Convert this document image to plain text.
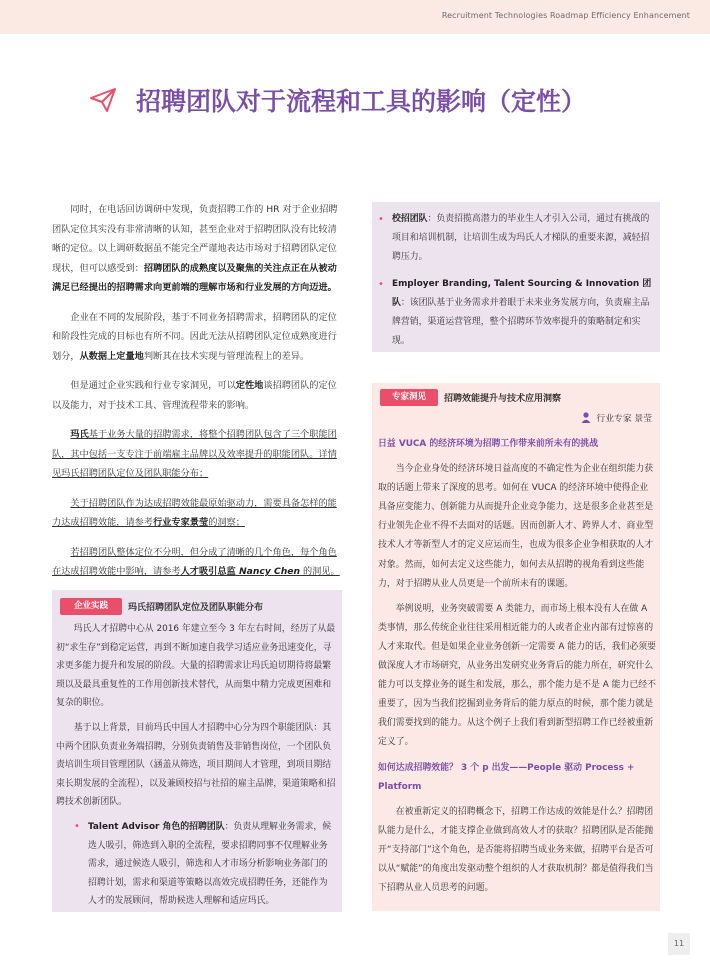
Recruitment Technologies Roadmap Efficiency Enhancement
招聘团队对于流程和工具的影响（定性）

同时，在电话回访调研中发现，负责招聘工作的 HR 对于企业招聘团队定位其实没有非常清晰的认知，甚至企业对于招聘团队没有比较清晰的定位。以上调研数据虽不能完全严谨地表达市场对于招聘团队定位现状，但可以感受到：招聘团队的成熟度以及聚焦的关注点正在从被动满足已经提出的招聘需求向更前端的理解市场和行业发展的方向迈进。

企业在不同的发展阶段，基于不同业务招聘需求，招聘团队的定位和阶段性完成的目标也有所不同。因此无法从招聘团队定位成熟度进行划分，从数据上定量地判断其在技术实现与管理流程上的差异。

但是通过企业实践和行业专家洞见，可以定性地谈招聘团队的定位以及能力，对于技术工具、管理流程带来的影响。

玛氏基于业务大量的招聘需求，将整个招聘团队包含了三个职能团队，其中包括一支专注于前端雇主品牌以及效率提升的职能团队。详情见玛氏招聘团队定位及团队职能分布；

关于招聘团队作为达成招聘效能最原始驱动力，需要具备怎样的能力达成招聘效能，请参考行业专家景莹的洞察；

若招聘团队整体定位不分明，但分成了清晰的几个角色，每个角色在达成招聘效能中影响，请参考人才吸引总监 Nancy Chen 的洞见。

企业实践	玛氏招聘团队定位及团队职能分布

玛氏人才招聘中心从 2016 年建立至今 3 年左右时间，经历了从最初“求生存”到稳定运营，再到不断加速自我学习适应业务迅速变化，寻求更多能力提升和发展的阶段。大量的招聘需求让玛氏迫切期待将最繁琐以及最具重复性的工作用创新技术替代，从而集中精力完成更困难和复杂的职位。

基于以上背景，目前玛氏中国人才招聘中心分为四个职能团队：其中两个团队负责业务端招聘，分别负责销售及非销售岗位，一个团队负责培训生项目管理团队（涵盖从筛选，项目期间人才管理，到项目期结束长期发展的全流程），以及兼顾校招与社招的雇主品牌，渠道策略和招聘技术创新团队。

• Talent Advisor 角色的招聘团队：负责从理解业务需求，候选人吸引，筛选到入职的全流程，要求招聘同事不仅理解业务需求，通过候选人吸引，筛选和人才市场分析影响业务部门的招聘计划，需求和渠道等策略以高效完成招聘任务，还能作为人才的发展顾问，帮助候选人理解和适应玛氏。
• 校招团队：负责招揽高潜力的毕业生人才引入公司，通过有挑战的项目和培训机制，让培训生成为玛氏人才梯队的重要来源，减轻招聘压力。
• Employer Branding, Talent Sourcing & Innovation 团队：该团队基于业务需求并着眼于未来业务发展方向，负责雇主品牌营销，渠道运营管理，整个招聘环节效率提升的策略制定和实现。
专家洞见	招聘效能提升与技术应用洞察
行业专家 景莹
日益 VUCA 的经济环境为招聘工作带来前所未有的挑战

当今企业身处的经济环境日益高度的不确定性为企业在组织能力获取的话题上带来了深度的思考。如何在 VUCA 的经济环境中使得企业具备应变能力、创新能力从而提升企业竞争能力，这是很多企业甚至是行业领先企业不得不去面对的话题。因而创新人才、跨界人才、商业型技术人才等新型人才的定义应运而生，也成为很多企业争相获取的人才对象。然而，如何去定义这些能力，如何去从招聘的视角看到这些能力，对于招聘从业人员更是一个前所未有的课题。

举例说明，业务突破需要 A 类能力，而市场上根本没有人在做 A 类事情，那么传统企业往往采用相近能力的人或者企业内部有过惊喜的人才来取代。但是如果企业业务创新一定需要 A 能力的话，我们必须要做深度人才市场研究，从业务出发研究业务背后的能力所在，研究什么能力可以支撑业务的诞生和发展，那么，那个能力是不是 A 能力已经不重要了，因为当我们挖掘到业务背后的能力原点的时候，那个能力就是我们需要找到的能力。从这个例子上我们看到新型招聘工作已经被重新定义了。

如何达成招聘效能？ 3 个 p 出发——People 驱动 Process + Platform

在被重新定义的招聘概念下，招聘工作达成的效能是什么？招聘团队能力是什么，才能支撑企业做到高效人才的获取？招聘团队是否能抛开“支持部门”这个角色，是否能将招聘当成业务来做，招聘平台是否可以从“赋能”的角度出发驱动整个组织的人才获取机制？都是值得我们当下招聘从业人员思考的问题。

11
